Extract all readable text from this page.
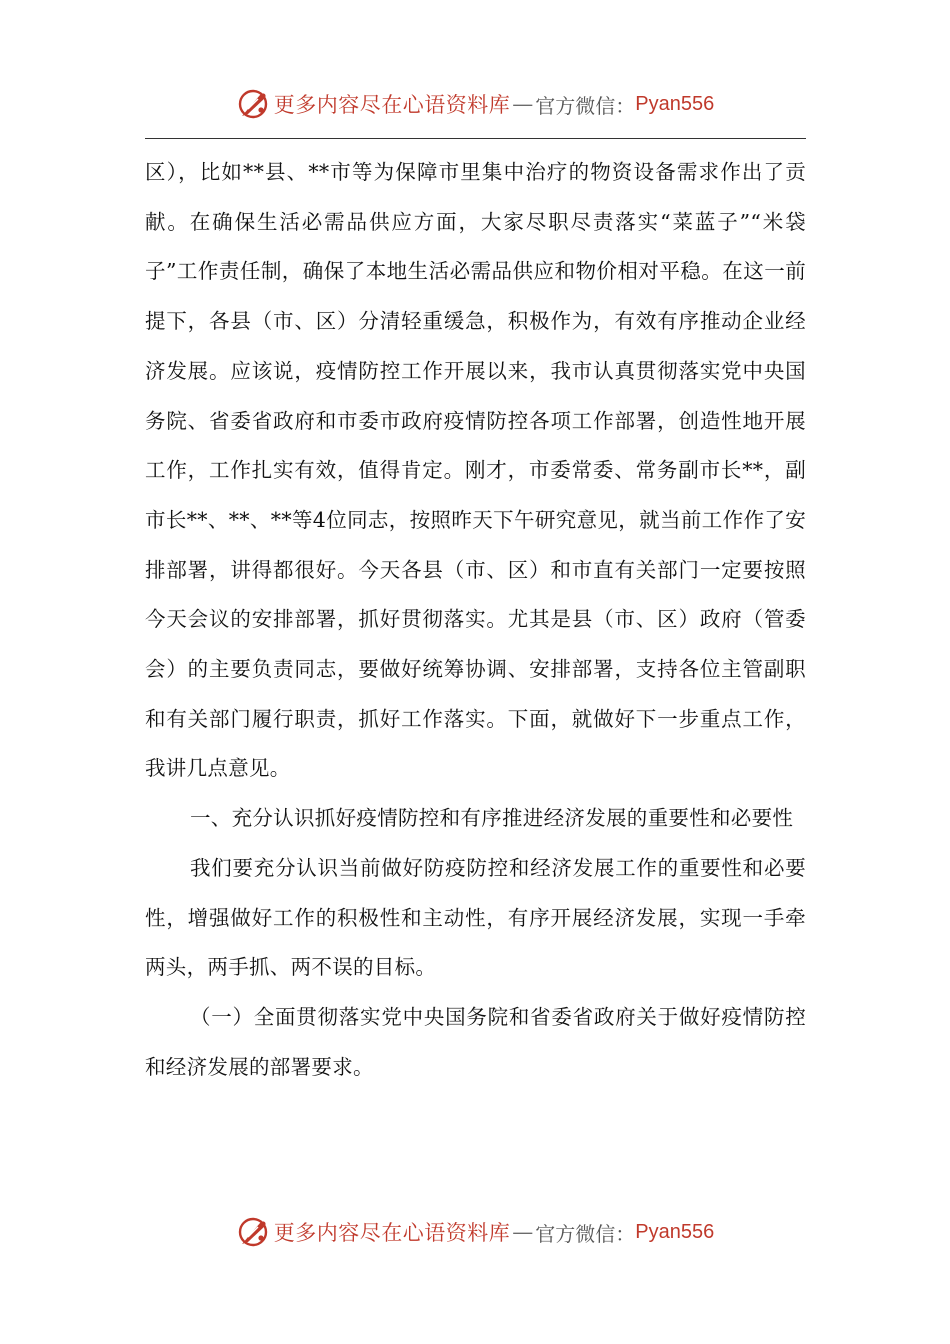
更多内容尽在心语资料库 — 官方微信： Pyan556

区），比如**县、**市等为保障市里集中治疗的物资设备需求作出了贡献。在确保生活必需品供应方面，大家尽职尽责落实“菜蓝子”“米袋子”工作责任制，确保了本地生活必需品供应和物价相对平稳。在这一前提下，各县（市、区）分清轻重缓急，积极作为，有效有序推动企业经济发展。应该说，疫情防控工作开展以来，我市认真贯彻落实党中央国务院、省委省政府和市委市政府疫情防控各项工作部署，创造性地开展工作，工作扎实有效，值得肯定。刚才，市委常委、常务副市长**，副市长**、**、**等4位同志，按照昨天下午研究意见，就当前工作作了安排部署，讲得都很好。今天各县（市、区）和市直有关部门一定要按照今天会议的安排部署，抓好贯彻落实。尤其是县（市、区）政府（管委会）的主要负责同志，要做好统筹协调、安排部署，支持各位主管副职和有关部门履行职责，抓好工作落实。下面，就做好下一步重点工作，我讲几点意见。

一、充分认识抓好疫情防控和有序推进经济发展的重要性和必要性

我们要充分认识当前做好防疫防控和经济发展工作的重要性和必要性，增强做好工作的积极性和主动性，有序开展经济发展，实现一手牵两头，两手抓、两不误的目标。

（一）全面贯彻落实党中央国务院和省委省政府关于做好疫情防控和经济发展的部署要求。

更多内容尽在心语资料库 — 官方微信： Pyan556
